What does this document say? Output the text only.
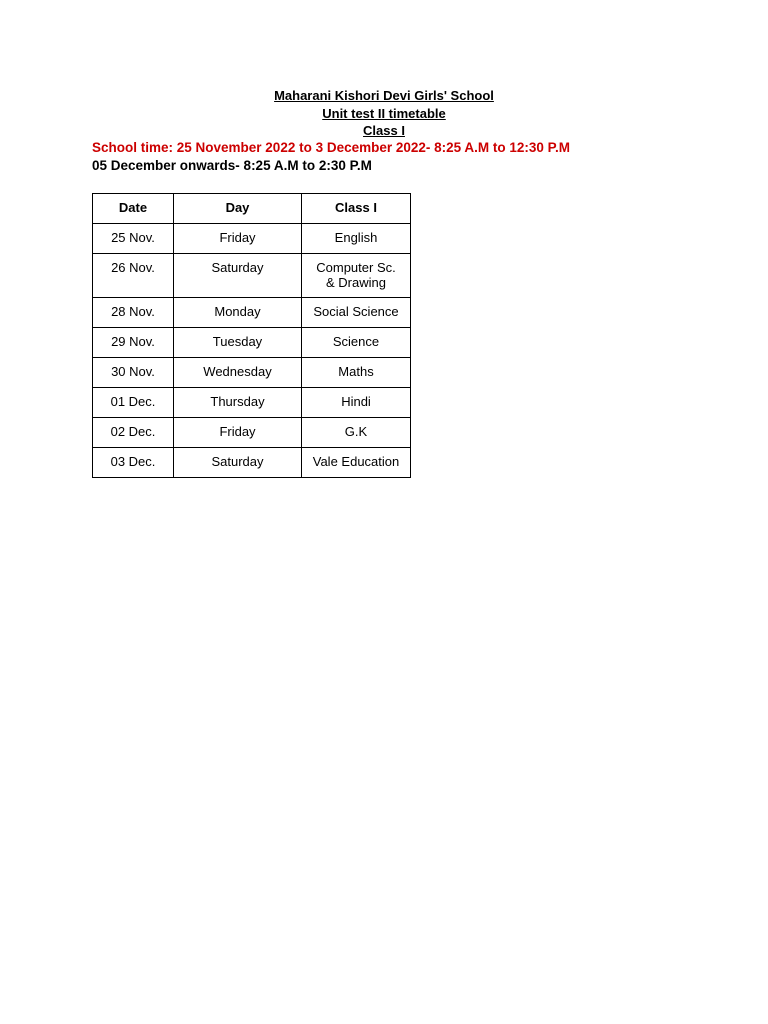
Maharani Kishori Devi Girls' School
Unit test II timetable
Class I
School time: 25 November 2022 to 3 December 2022- 8:25 A.M to 12:30 P.M
05 December onwards- 8:25 A.M to 2:30 P.M
Date	Day	Class I
25 Nov.	Friday	English
26 Nov.	Saturday	Computer Sc.
& Drawing

28 Nov.	Monday	Social Science
29 Nov.	Tuesday	Science
30 Nov.	Wednesday	Maths
01 Dec.	Thursday	Hindi
02 Dec.	Friday	G.K
03 Dec.	Saturday	Vale Education
